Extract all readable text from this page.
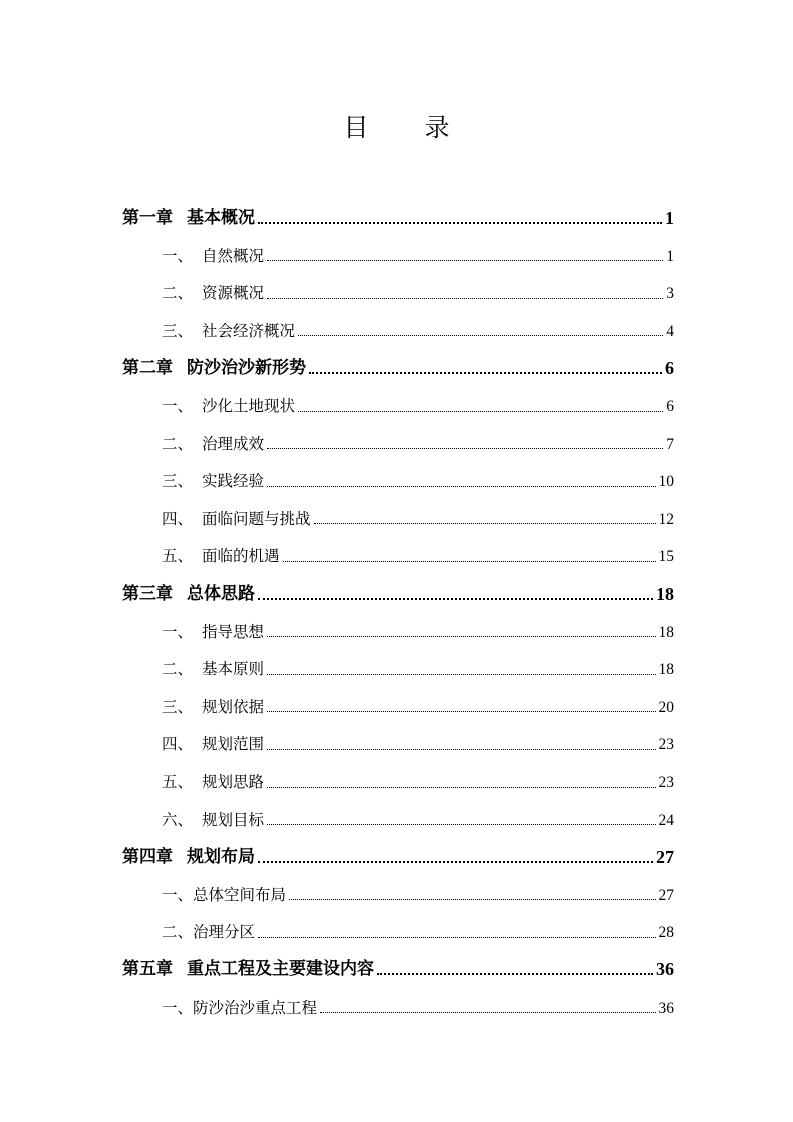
目 录
第一章 基本概况	1
一、 自然概况	1
二、 资源概况	3
三、 社会经济概况	4
第二章 防沙治沙新形势	6
一、 沙化土地现状	6
二、 治理成效	7
三、 实践经验	10
四、 面临问题与挑战	12
五、 面临的机遇	15
第三章 总体思路	18
一、 指导思想	18
二、 基本原则	18
三、 规划依据	20
四、 规划范围	23
五、 规划思路	23
六、 规划目标	24
第四章 规划布局	27
一、 总体空间布局	27
二、 治理分区	28
第五章 重点工程及主要建设内容	36
一、 防沙治沙重点工程	36
